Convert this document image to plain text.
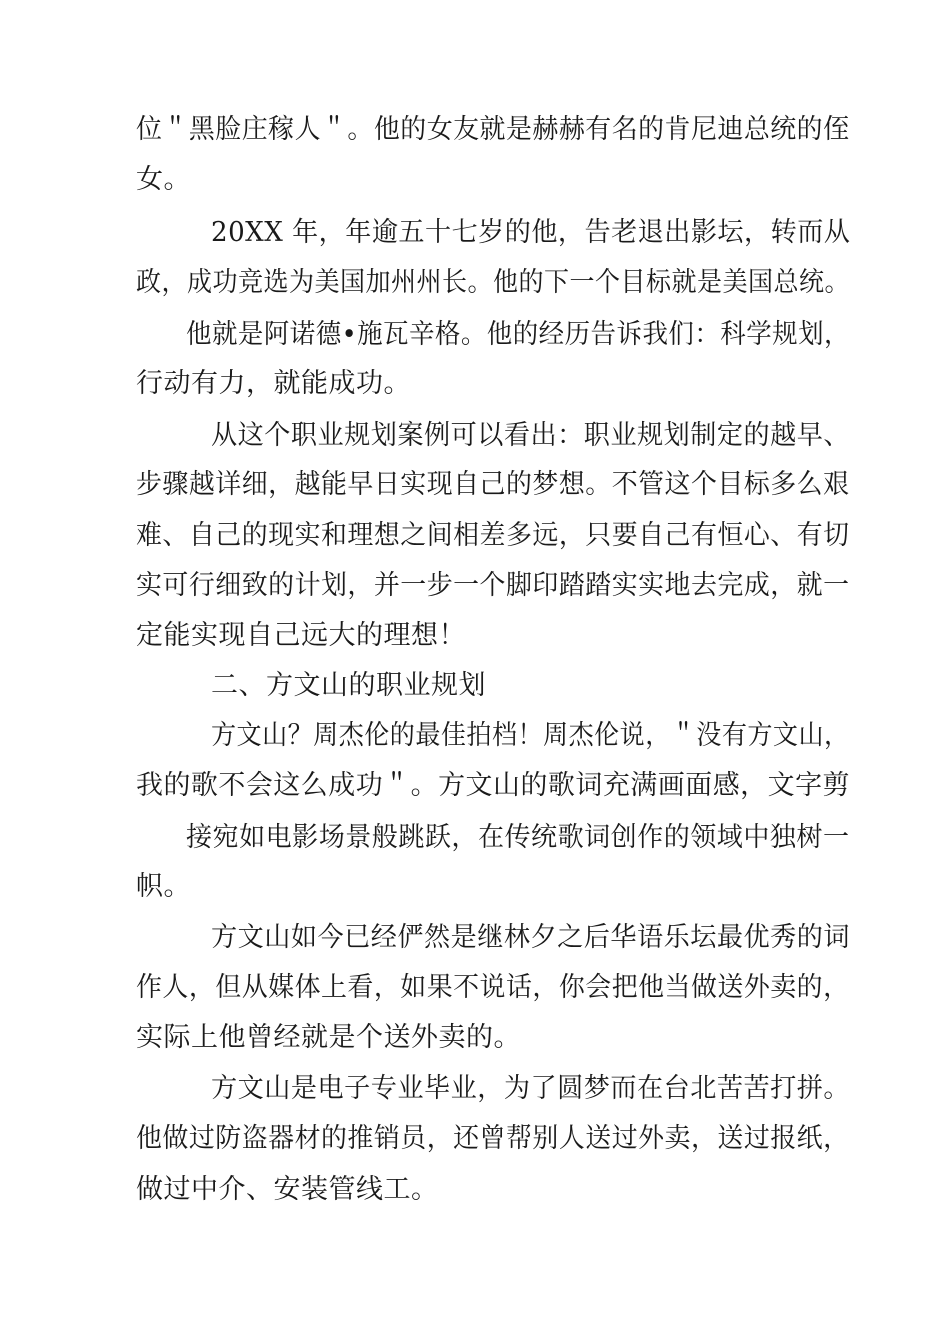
位＂黑脸庄稼人＂。他的女友就是赫赫有名的肯尼迪总统的侄
女。
20XX 年，年逾五十七岁的他，告老退出影坛，转而从
政，成功竞选为美国加州州长。他的下一个目标就是美国总统。
他就是阿诺德•施瓦辛格。他的经历告诉我们：科学规划，
行动有力，就能成功。
从这个职业规划案例可以看出：职业规划制定的越早、
步骤越详细，越能早日实现自己的梦想。不管这个目标多么艰
难、自己的现实和理想之间相差多远，只要自己有恒心、有切
实可行细致的计划，并一步一个脚印踏踏实实地去完成，就一
定能实现自己远大的理想！
二、方文山的职业规划
方文山？周杰伦的最佳拍档！周杰伦说，＂没有方文山，
我的歌不会这么成功＂。方文山的歌词充满画面感，文字剪
接宛如电影场景般跳跃，在传统歌词创作的领域中独树一
帜。
方文山如今已经俨然是继林夕之后华语乐坛最优秀的词
作人，但从媒体上看，如果不说话，你会把他当做送外卖的，
实际上他曾经就是个送外卖的。
方文山是电子专业毕业，为了圆梦而在台北苦苦打拼。
他做过防盗器材的推销员，还曾帮别人送过外卖，送过报纸，
做过中介、安装管线工。
